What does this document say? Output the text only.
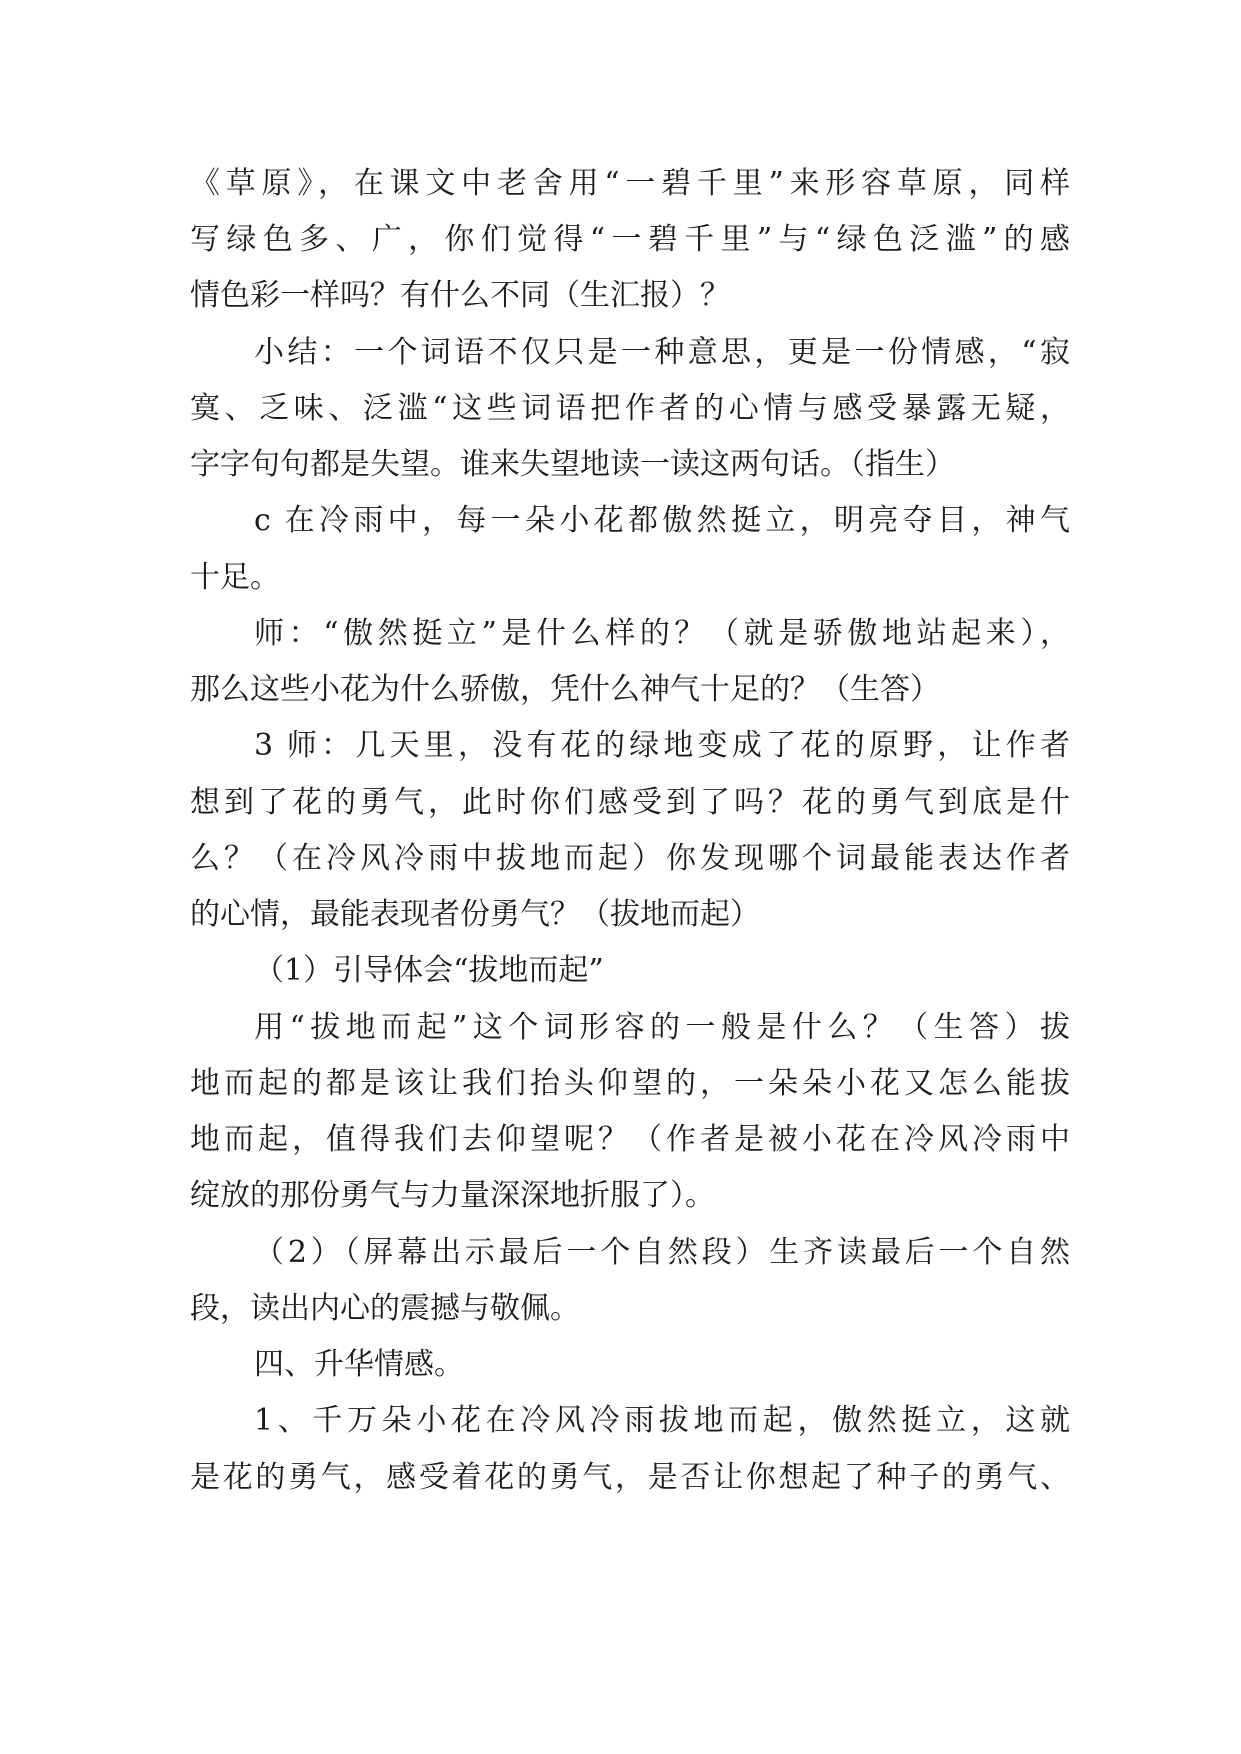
《草原》，在课文中老舍用“一碧千里”来形容草原，同样
写绿色多、广，你们觉得“一碧千里”与“绿色泛滥”的感
情色彩一样吗？有什么不同（生汇报）？
小结：一个词语不仅只是一种意思，更是一份情感，“寂
寞、乏味、泛滥“这些词语把作者的心情与感受暴露无疑，
字字句句都是失望。谁来失望地读一读这两句话。（指生）
c 在冷雨中，每一朵小花都傲然挺立，明亮夺目，神气
十足。
师：“傲然挺立”是什么样的？（就是骄傲地站起来），
那么这些小花为什么骄傲，凭什么神气十足的？（生答）
3 师：几天里，没有花的绿地变成了花的原野，让作者
想到了花的勇气，此时你们感受到了吗？花的勇气到底是什
么？（在冷风冷雨中拔地而起）你发现哪个词最能表达作者
的心情，最能表现者份勇气？（拔地而起）
（1）引导体会“拔地而起”
用“拔地而起”这个词形容的一般是什么？（生答）拔
地而起的都是该让我们抬头仰望的，一朵朵小花又怎么能拔
地而起，值得我们去仰望呢？（作者是被小花在冷风冷雨中
绽放的那份勇气与力量深深地折服了）。
（2）（屏幕出示最后一个自然段）生齐读最后一个自然
段，读出内心的震撼与敬佩。
四、升华情感。
1、千万朵小花在冷风冷雨拔地而起，傲然挺立，这就
是花的勇气，感受着花的勇气，是否让你想起了种子的勇气、
